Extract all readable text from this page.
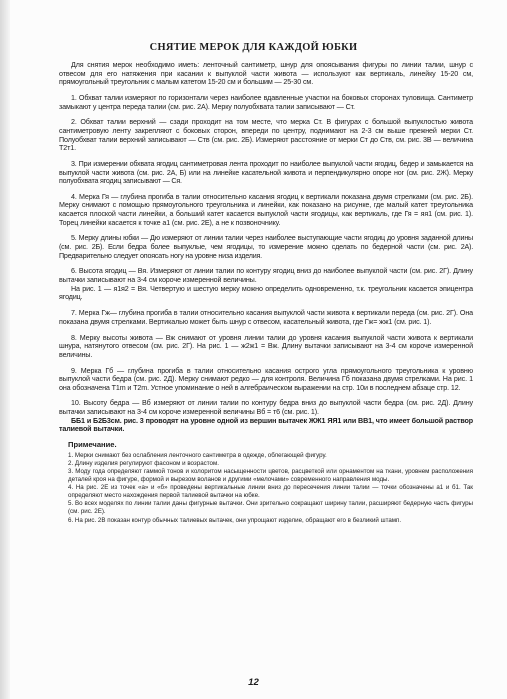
СНЯТИЕ МЕРОК ДЛЯ КАЖДОЙ ЮБКИ

Для снятия мерок необходимо иметь: ленточный сантиметр, шнур для опоясывания фигуры по линии талии, шнур с отвесом для его натяжения при касании к выпуклой части живота — используют как вертикаль, линейку 15-20 см, прямоугольный треугольник с малым катетом 15-20 см и большим — 25-30 см.

1. Обхват талии измеряют по горизонтали через наиболее вдавленные участки на боковых сторонах туловища. Сантиметр замыкают у центра переда талии (см. рис. 2А). Мерку полуобхвата талии записывают — Ст.

2. Обхват талии верхний — сзади проходит на том месте, что мерка Ст. В фигурах с большой выпуклостью живота сантиметровую ленту закрепляют с боковых сторон, впереди по центру, поднимают на 2-3 см выше прежней мерки Ст. Полуобхват талии верхний записывают — Ств (см. рис. 2Б). Измеряют расстояние от мерки Ст до Ств, см. рис. 3В — величина Т2т1.

3. При измерении обхвата ягодиц сантиметровая лента проходит по наиболее выпуклой части ягодиц, бедер и замыкается на выпуклой части живота (см. рис. 2А, Б) или на линейке касательной живота и перпендикулярно опоре ног (см. рис. 2Ж). Мерку полуобхвата ягодиц записывают — Ся.

4. Мерка Гя — глубина прогиба в талии относительно касания ягодиц к вертикали показана двумя стрелками (см. рис. 2Б). Мерку снимают с помощью прямоугольного треугольника и линейки, как показано на рисунке, где малый катет треугольника касается плоской части линейки, а больший катет касается выпуклой части ягодицы, как вертикаль, где Гя = яя1 (см. рис. 1). Торец линейки касается к точке а1 (см. рис. 2Е), а не к позвоночнику.

5. Мерку длины юбки — Дю измеряют от линии талии через наиболее выступающие части ягодиц до уровня заданной длины (см. рис. 2Б). Если бедра более выпуклые, чем ягодицы, то измерение можно сделать по бедерной части (см. рис. 2А). Предварительно следует опоясать ногу на уровне низа изделия.

6. Высота ягодиц — Вя. Измеряют от линии талии по контуру ягодиц вниз до наиболее выпуклой части (см. рис. 2Г). Длину вытачки записывают на 3-4 см короче измеренной величины.

На рис. 1 — я1я2 = Вя. Четвертую и шестую мерку можно определить одновременно, т.к. треугольник касается эпицентра ягодиц.

7. Мерка Гж— глубина прогиба в талии относительно касания выпуклой части живота к вертикали переда (см. рис. 2Г). Она показана двумя стрелками. Вертикалью может быть шнур с отвесом, касательный живота, где Гж= жж1 (см. рис. 1).

8. Мерку высоты живота — Вж снимают от уровня линии талии до уровня касания выпуклой части живота к вертикали шнура, натянутого отвесом (см. рис. 2Г). На рис. 1 — ж2ж1 = Вж. Длину вытачки записывают на 3-4 см короче измеренной величины.

9. Мерка Гб — глубина прогиба в талии относительно касания острого угла прямоугольного треугольника к уровню выпуклой части бедра (см. рис. 2Д). Мерку снимают редко — для контроля. Величина Гб показана двумя стрелками. На рис. 1 она обозначена Т1m и Т2m. Устное упоминание о ней в алгебраическом выражении на стр. 10и в последнем абзаце стр. 12.

10. Высоту бедра — Вб измеряют от линии талии по контуру бедра вниз до выпуклой части бедра (см. рис. 2Д). Длину вытачки записывают на 3-4 см короче измеренной величины Вб = т6 (см. рис. 1).

ББ1 и Б2Б3см. рис. 3 проводят на уровне одной из вершин вытачек ЖЖ1 ЯЯ1 или ВВ1, что имеет большой раствор талиевой вытачки.

Примечание.
1. Мерки снимают без ослабления ленточного сантиметра в одежде, облегающей фигуру.
2. Длину изделия регулируют фасоном и возрастом.
3. Моду года определяют гаммой тонов и колоритом насыщенности цветов, расцветкой или орнаментом на ткани, уровнем расположения деталей кроя на фигуре, формой и вырезом воланов и другими «мелочами» современного направления моды.
4. На рис. 2Е из точек «а» и «б» проведены вертикальные линии вниз до пересечения линии талии — точки обозначены а1 и б1. Так определяют место нахождения первой талиевой вытачки на юбке.
5. Во всех моделях по линии талии даны фигурные вытачки. Они зрительно сокращают ширину талии, расширяют бедерную часть фигуры (см. рис. 2Е).
6. На рис. 2В показан контур обычных талиевых вытачек, они упрощают изделие, обращают его в безликий штамп.
12
